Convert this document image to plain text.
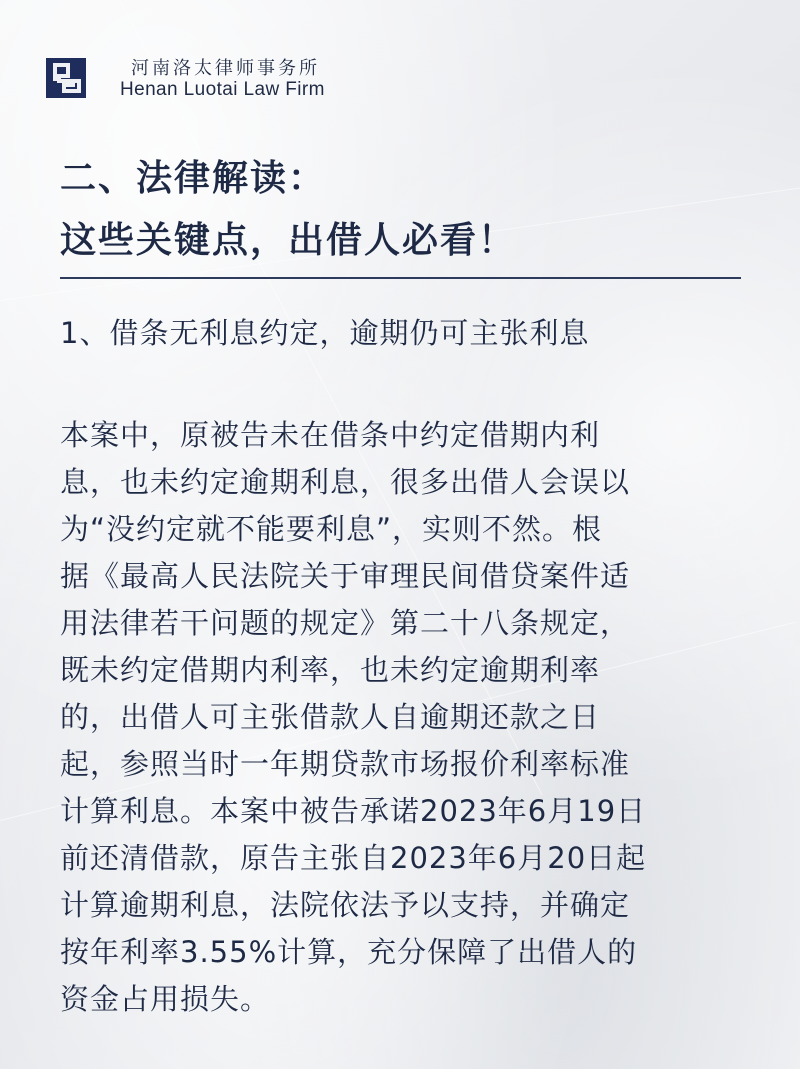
河南洛太律师事务所
Henan Luotai Law Firm
二、法律解读：
这些关键点，出借人必看！
1、借条无利息约定，逾期仍可主张利息
本案中，原被告未在借条中约定借期内利
息，也未约定逾期利息，很多出借人会误以
为“没约定就不能要利息”，实则不然。根
据《最高人民法院关于审理民间借贷案件适
用法律若干问题的规定》第二十八条规定，
既未约定借期内利率，也未约定逾期利率
的，出借人可主张借款人自逾期还款之日
起，参照当时一年期贷款市场报价利率标准
计算利息。本案中被告承诺2023年6月19日
前还清借款，原告主张自2023年6月20日起
计算逾期利息，法院依法予以支持，并确定
按年利率3.55%计算，充分保障了出借人的
资金占用损失。
